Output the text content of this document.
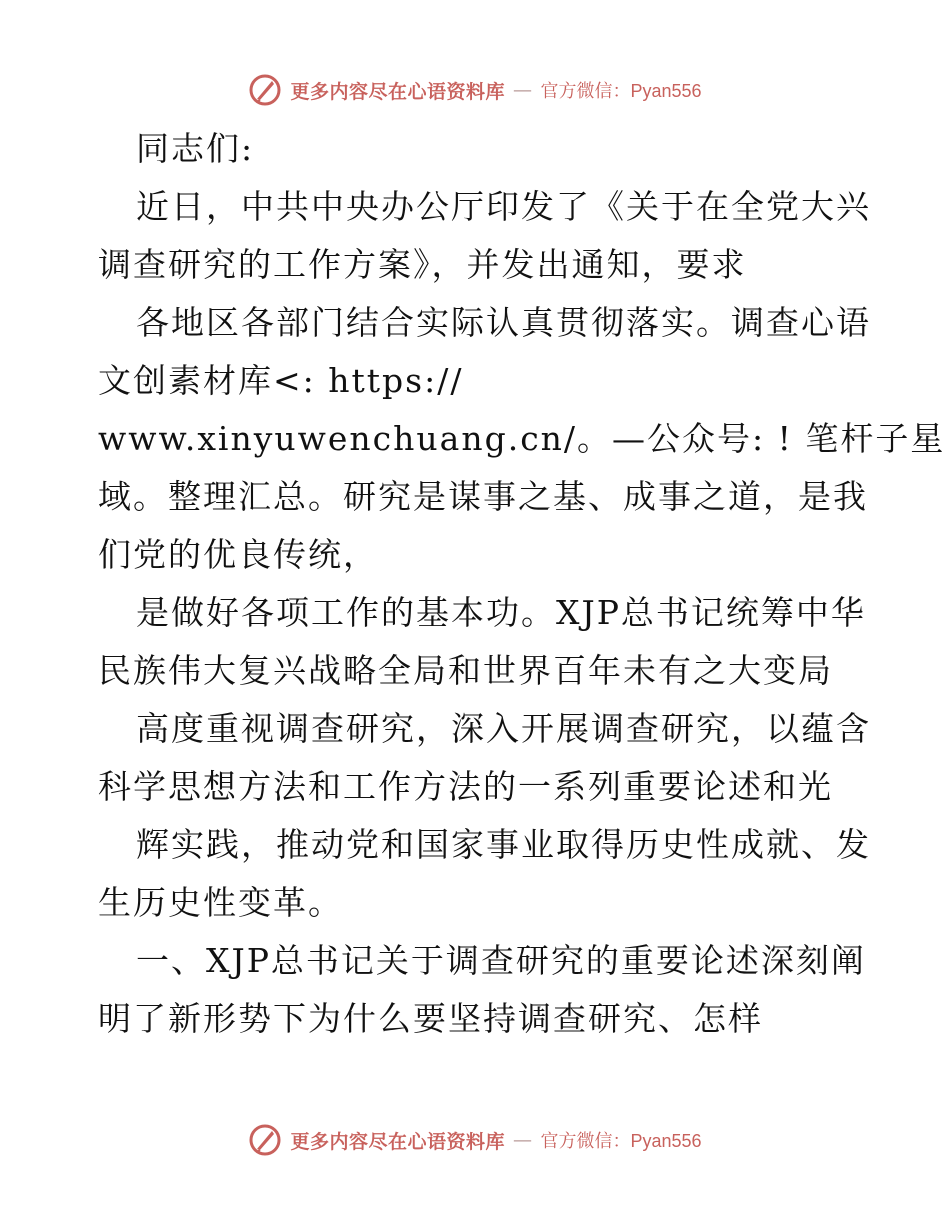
更多内容尽在心语资料库 — 官方微信：Pyan556
同志们:
近日，中共中央办公厅印发了《关于在全党大兴
调查研究的工作方案》，并发出通知，要求
各地区各部门结合实际认真贯彻落实。调查心语
文创素材库<: https://
www.xinyuwenchuang.cn/。—公众号: ! 笔杆子星
域。整理汇总。研究是谋事之基、成事之道，是我
们党的优良传统，
是做好各项工作的基本功。XJP总书记统筹中华
民族伟大复兴战略全局和世界百年未有之大变局
高度重视调查研究，深入开展调查研究，以蕴含
科学思想方法和工作方法的一系列重要论述和光
辉实践，推动党和国家事业取得历史性成就、发
生历史性变革。
一、XJP总书记关于调查研究的重要论述深刻阐
明了新形势下为什么要坚持调查研究、怎样
更多内容尽在心语资料库 — 官方微信：Pyan556
